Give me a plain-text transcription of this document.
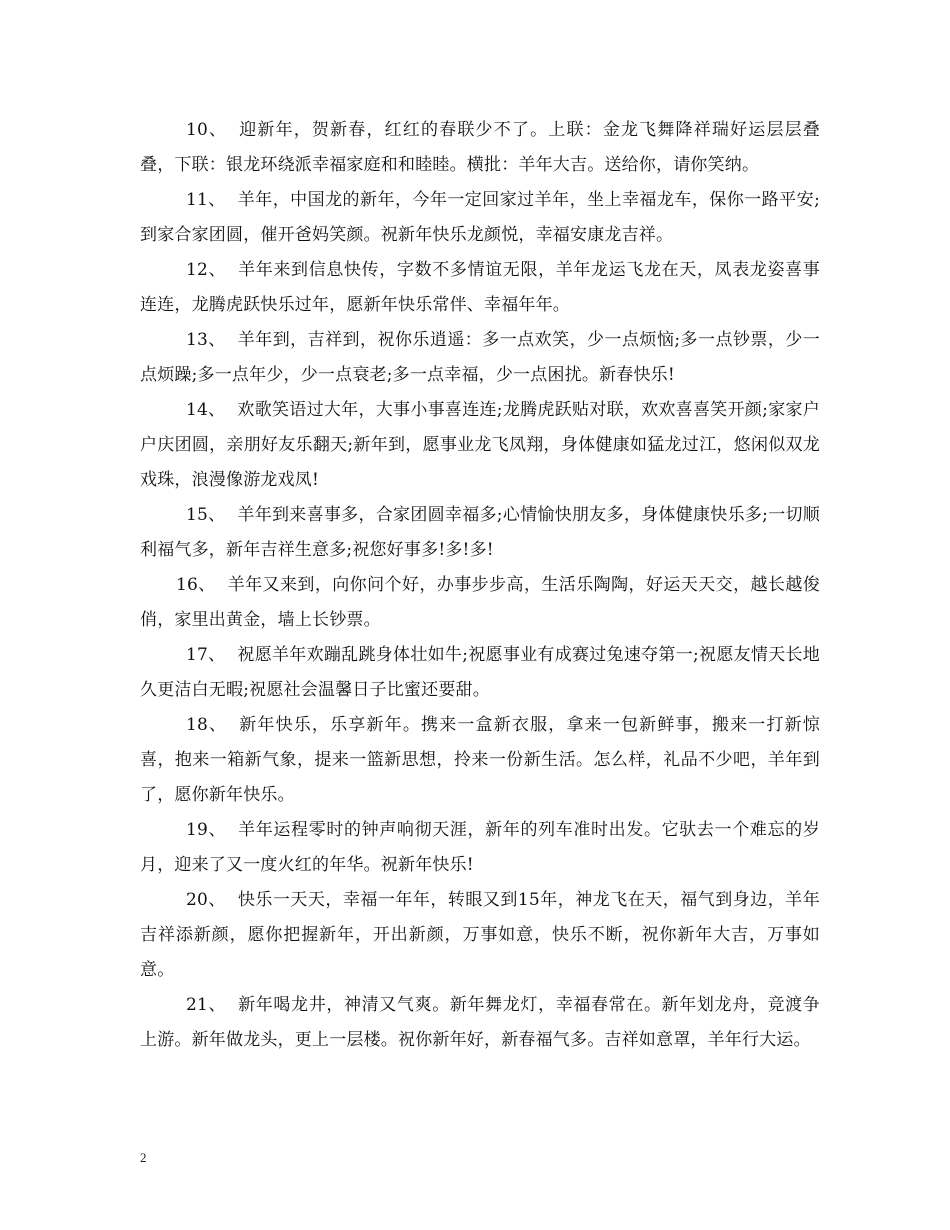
10、 迎新年，贺新春，红红的春联少不了。上联：金龙飞舞降祥瑞好运层层叠叠，下联：银龙环绕派幸福家庭和和睦睦。横批：羊年大吉。送给你，请你笑纳。

11、 羊年，中国龙的新年，今年一定回家过羊年，坐上幸福龙车，保你一路平安;到家合家团圆，催开爸妈笑颜。祝新年快乐龙颜悦，幸福安康龙吉祥。

12、 羊年来到信息快传，字数不多情谊无限，羊年龙运飞龙在天，凤表龙姿喜事连连，龙腾虎跃快乐过年，愿新年快乐常伴、幸福年年。

13、 羊年到，吉祥到，祝你乐逍遥：多一点欢笑，少一点烦恼;多一点钞票，少一点烦躁;多一点年少，少一点衰老;多一点幸福，少一点困扰。新春快乐!

14、 欢歌笑语过大年，大事小事喜连连;龙腾虎跃贴对联，欢欢喜喜笑开颜;家家户户庆团圆，亲朋好友乐翻天;新年到，愿事业龙飞凤翔，身体健康如猛龙过江，悠闲似双龙戏珠，浪漫像游龙戏凤!

15、 羊年到来喜事多，合家团圆幸福多;心情愉快朋友多，身体健康快乐多;一切顺利福气多，新年吉祥生意多;祝您好事多!多!多!

16、 羊年又来到，向你问个好，办事步步高，生活乐陶陶，好运天天交，越长越俊俏，家里出黄金，墙上长钞票。

17、 祝愿羊年欢蹦乱跳身体壮如牛;祝愿事业有成赛过兔速夺第一;祝愿友情天长地久更洁白无暇;祝愿社会温馨日子比蜜还要甜。

18、 新年快乐，乐享新年。携来一盒新衣服，拿来一包新鲜事，搬来一打新惊喜，抱来一箱新气象，提来一篮新思想，拎来一份新生活。怎么样，礼品不少吧，羊年到了，愿你新年快乐。

19、 羊年运程零时的钟声响彻天涯，新年的列车准时出发。它驮去一个难忘的岁月，迎来了又一度火红的年华。祝新年快乐!

20、 快乐一天天，幸福一年年，转眼又到15年，神龙飞在天，福气到身边，羊年吉祥添新颜，愿你把握新年，开出新颜，万事如意，快乐不断，祝你新年大吉，万事如意。

21、 新年喝龙井，神清又气爽。新年舞龙灯，幸福春常在。新年划龙舟，竞渡争上游。新年做龙头，更上一层楼。祝你新年好，新春福气多。吉祥如意罩，羊年行大运。

2
